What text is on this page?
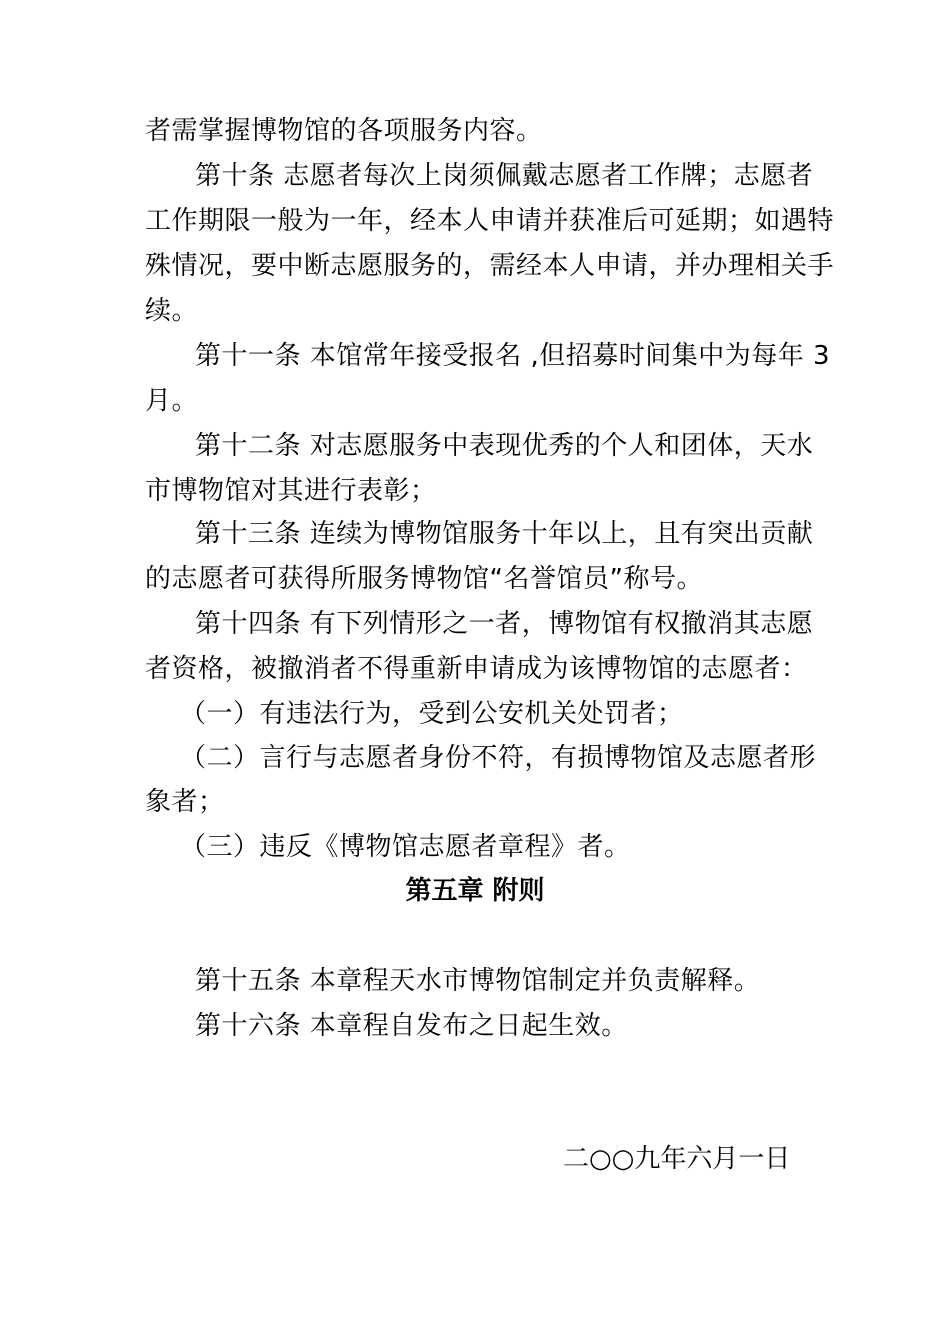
者需掌握博物馆的各项服务内容。
第十条 志愿者每次上岗须佩戴志愿者工作牌；志愿者
工作期限一般为一年，经本人申请并获准后可延期；如遇特
殊情况，要中断志愿服务的，需经本人申请，并办理相关手
续。
第十一条 本馆常年接受报名 ,但招募时间集中为每年 3
月。
第十二条 对志愿服务中表现优秀的个人和团体，天水
市博物馆对其进行表彰；
第十三条 连续为博物馆服务十年以上，且有突出贡献
的志愿者可获得所服务博物馆“名誉馆员”称号。
第十四条 有下列情形之一者，博物馆有权撤消其志愿
者资格，被撤消者不得重新申请成为该博物馆的志愿者：
（一）有违法行为，受到公安机关处罚者；
（二）言行与志愿者身份不符，有损博物馆及志愿者形
象者；
（三）违反《博物馆志愿者章程》者。
第五章 附则
第十五条 本章程天水市博物馆制定并负责解释。
第十六条 本章程自发布之日起生效。
二○○九年六月一日
